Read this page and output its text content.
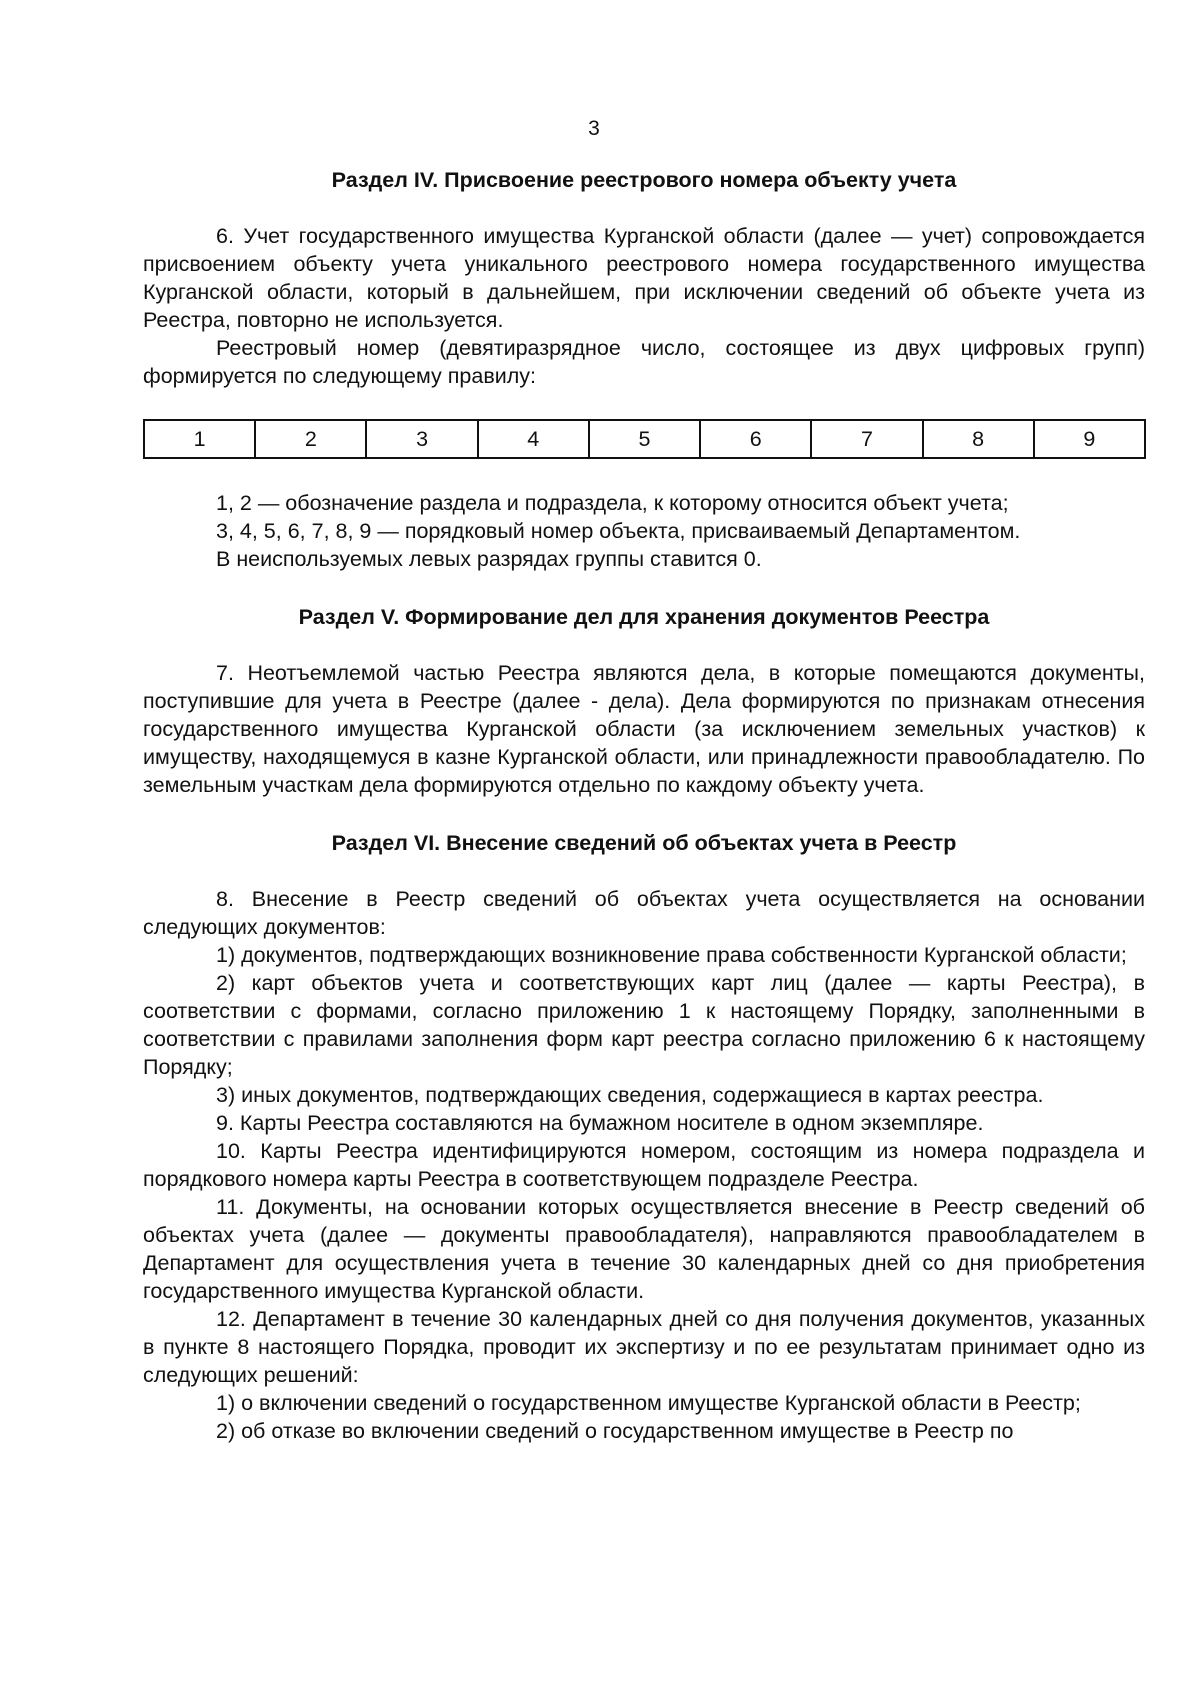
3

Раздел IV. Присвоение реестрового номера объекту учета

6. Учет государственного имущества Курганской области (далее — учет) сопровождается присвоением объекту учета уникального реестрового номера государственного имущества Курганской области, который в дальнейшем, при исключении сведений об объекте учета из Реестра, повторно не используется.

Реестровый номер (девятиразрядное число, состоящее из двух цифровых групп) формируется по следующему правилу:

1	2	3	4	5	6	7	8	9

1, 2 — обозначение раздела и подраздела, к которому относится объект учета;

3, 4, 5, 6, 7, 8, 9 — порядковый номер объекта, присваиваемый Департаментом.

В неиспользуемых левых разрядах группы ставится 0.

Раздел V. Формирование дел для хранения документов Реестра

7. Неотъемлемой частью Реестра являются дела, в которые помещаются документы, поступившие для учета в Реестре (далее - дела). Дела формируются по признакам отнесения государственного имущества Курганской области (за исключением земельных участков) к имуществу, находящемуся в казне Курганской области, или принадлежности правообладателю. По земельным участкам дела формируются отдельно по каждому объекту учета.

Раздел VI. Внесение сведений об объектах учета в Реестр

8. Внесение в Реестр сведений об объектах учета осуществляется на основании следующих документов:

1) документов, подтверждающих возникновение права собственности Курганской области;

2) карт объектов учета и соответствующих карт лиц (далее — карты Реестра), в соответствии с формами, согласно приложению 1 к настоящему Порядку, заполненными в соответствии с правилами заполнения форм карт реестра согласно приложению 6 к настоящему Порядку;

3) иных документов, подтверждающих сведения, содержащиеся в картах реестра.

9. Карты Реестра составляются на бумажном носителе в одном экземпляре.

10. Карты Реестра идентифицируются номером, состоящим из номера подраздела и порядкового номера карты Реестра в соответствующем подразделе Реестра.

11. Документы, на основании которых осуществляется внесение в Реестр сведений об объектах учета (далее — документы правообладателя), направляются правообладателем в Департамент для осуществления учета в течение 30 календарных дней со дня приобретения государственного имущества Курганской области.

12. Департамент в течение 30 календарных дней со дня получения документов, указанных в пункте 8 настоящего Порядка, проводит их экспертизу и по ее результатам принимает одно из следующих решений:

1) о включении сведений о государственном имуществе Курганской области в Реестр;

2) об отказе во включении сведений о государственном имуществе в Реестр по
